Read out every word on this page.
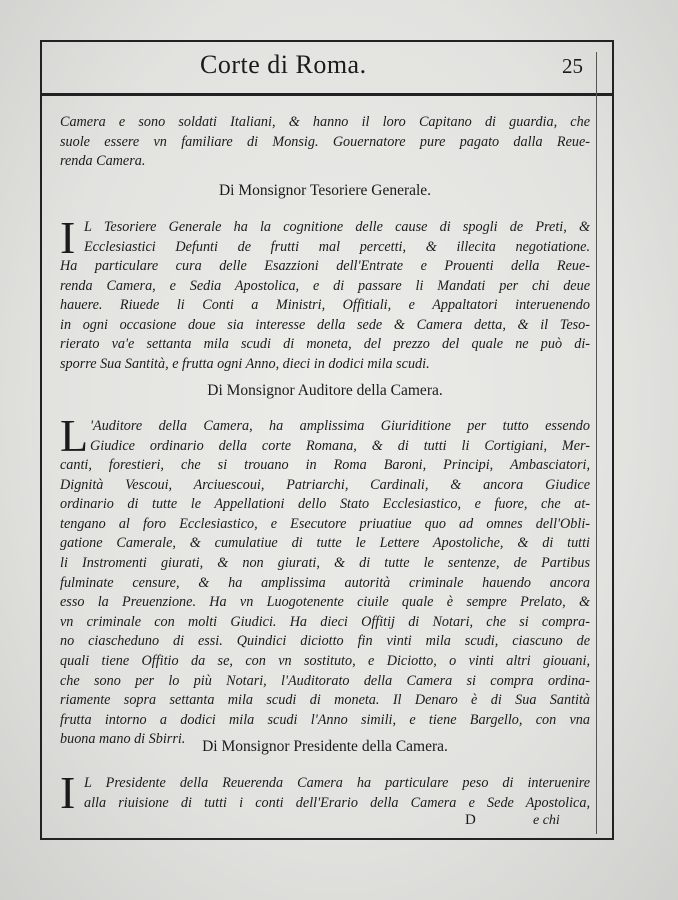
Corte di Roma.	25
Camera e sono soldati Italiani, & hanno il loro Capitano di guardia, che
suole essere vn familiare di Monsig. Gouernatore pure pagato dalla Reue-
renda Camera.
Di Monsignor Tesoriere Generale.
I L Tesoriere Generale ha la cognitione delle cause di spogli de Preti, &
Ecclesiastici Defunti de frutti mal percetti, & illecita negotiatione.
Ha particulare cura delle Esazzioni dell'Entrate e Prouenti della Reue-
renda Camera, e Sedia Apostolica, e di passare li Mandati per chi deue
hauere. Riuede li Conti a Ministri, Offitiali, e Appaltatori interuenendo
in ogni occasione doue sia interesse della sede & Camera detta, & il Teso-
rierato va'e settanta mila scudi di moneta, del prezzo del quale ne può di-
sporre Sua Santità, e frutta ogni Anno, dieci in dodici mila scudi.
Di Monsignor Auditore della Camera.
L 'Auditore della Camera, ha amplissima Giuriditione per tutto essendo
Giudice ordinario della corte Romana, & di tutti li Cortigiani, Mer-
canti, forestieri, che si trouano in Roma Baroni, Principi, Ambasciatori,
Dignità Vescoui, Arciuescoui, Patriarchi, Cardinali, & ancora Giudice
ordinario di tutte le Appellationi dello Stato Ecclesiastico, e fuore, che at-
tengano al foro Ecclesiastico, e Esecutore priuatiue quo ad omnes dell'Obli-
gatione Camerale, & cumulatiue di tutte le Lettere Apostoliche, & di tutti
li Instromenti giurati, & non giurati, & di tutte le sentenze, de Partibus
fulminate censure, & ha amplissima autorità criminale hauendo ancora
esso la Preuenzione. Ha vn Luogotenente ciuile quale è sempre Prelato, &
vn criminale con molti Giudici. Ha dieci Offitij di Notari, che si compra-
no ciascheduno di essi. Quindici diciotto fin vinti mila scudi, ciascuno de
quali tiene Offitio da se, con vn sostituto, e Diciotto, o vinti altri giouani,
che sono per lo più Notari, l'Auditorato della Camera si compra ordina-
riamente sopra settanta mila scudi di moneta. Il Denaro è di Sua Santità
frutta intorno a dodici mila scudi l'Anno simili, e tiene Bargello, con vna
buona mano di Sbirri.	Di Monsignor Presidente della Camera.
I L Presidente della Reuerenda Camera ha particulare peso di interuenire
alla riuisione di tutti i conti dell'Erario della Camera e Sede Apostolica,
D	e chi
